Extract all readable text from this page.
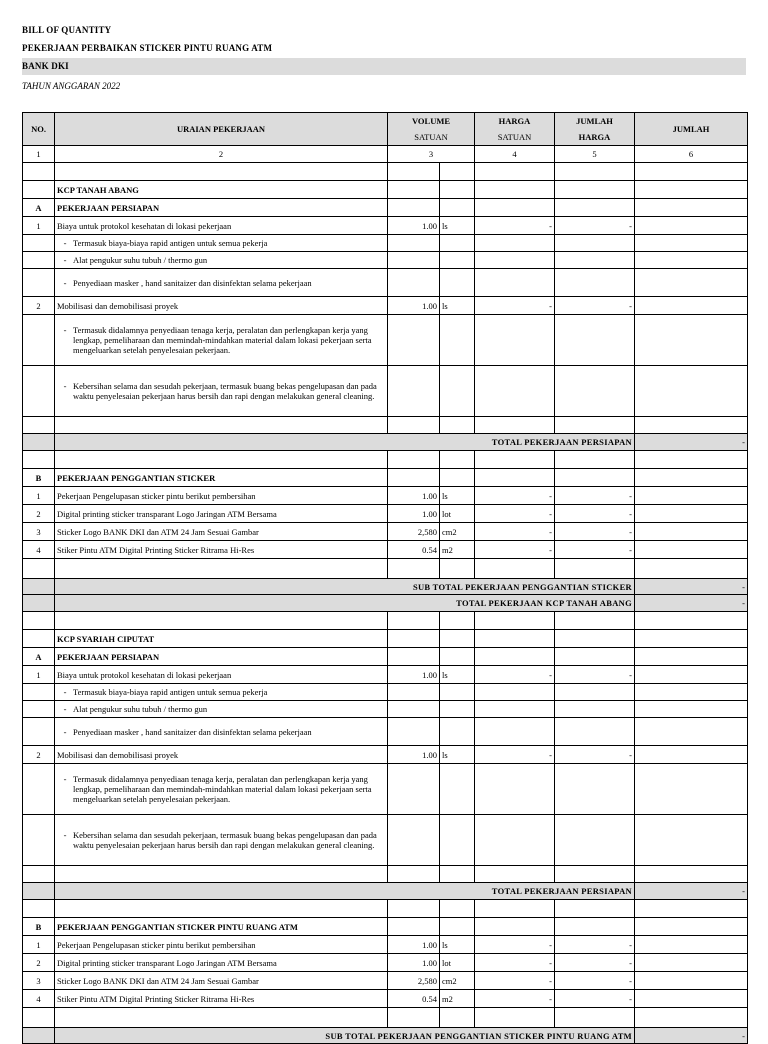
BILL OF QUANTITY
PEKERJAAN PERBAIKAN STICKER PINTU RUANG ATM
BANK DKI
TAHUN ANGGARAN 2022
NO.	URAIAN PEKERJAAN	VOLUME		HARGA	JUMLAH	JUMLAH
		SATUAN		SATUAN	HARGA	
1	2	3		4	5	6

	KCP TANAH ABANG					
A	PEKERJAAN PERSIAPAN					
1	Biaya untuk protokol kesehatan di lokasi pekerjaan	1.00	ls	-	-	

	- Termasuk biaya-biaya rapid antigen untuk semua pekerja					

	- Alat pengukur suhu tubuh / thermo gun					

	- Penyediaan masker , hand sanitaizer dan disinfektan selama pekerjaan					

2	Mobilisasi dan demobilisasi proyek	1.00	ls	-	-	

	- Termasuk didalamnya penyediaan tenaga kerja, peralatan dan perlengkapan kerja yang lengkap, pemeliharaan dan memindah-mindahkan material dalam lokasi pekerjaan serta mengeluarkan setelah penyelesaian pekerjaan.					

	- Kebersihan selama dan sesudah pekerjaan, termasuk buang bekas pengelupasan dan pada waktu penyelesaian pekerjaan harus bersih dan rapi dengan melakukan general cleaning.					

	TOTAL PEKERJAAN PERSIAPAN					-

B	PEKERJAAN PENGGANTIAN STICKER					
1	Pekerjaan Pengelupasan sticker pintu berikut pembersihan	1.00	ls	-	-	
2	Digital printing sticker transparant Logo Jaringan ATM Bersama	1.00	lot	-	-	
3	Sticker Logo BANK DKI dan ATM 24 Jam Sesuai Gambar	2,580	cm2	-	-	
4	Stiker Pintu ATM Digital Printing Sticker Ritrama Hi-Res	0.54	m2	-	-	

	SUB TOTAL PEKERJAAN PENGGANTIAN STICKER					-
	TOTAL PEKERJAAN KCP TANAH ABANG					-

	KCP SYARIAH CIPUTAT					
A	PEKERJAAN PERSIAPAN					
1	Biaya untuk protokol kesehatan di lokasi pekerjaan	1.00	ls	-	-	

	- Termasuk biaya-biaya rapid antigen untuk semua pekerja					

	- Alat pengukur suhu tubuh / thermo gun					

	- Penyediaan masker , hand sanitaizer dan disinfektan selama pekerjaan					

2	Mobilisasi dan demobilisasi proyek	1.00	ls	-	-	

	- Termasuk didalamnya penyediaan tenaga kerja, peralatan dan perlengkapan kerja yang lengkap, pemeliharaan dan memindah-mindahkan material dalam lokasi pekerjaan serta mengeluarkan setelah penyelesaian pekerjaan.					

	- Kebersihan selama dan sesudah pekerjaan, termasuk buang bekas pengelupasan dan pada waktu penyelesaian pekerjaan harus bersih dan rapi dengan melakukan general cleaning.					

	TOTAL PEKERJAAN PERSIAPAN					-

B	PEKERJAAN PENGGANTIAN STICKER PINTU RUANG ATM					
1	Pekerjaan Pengelupasan sticker pintu berikut pembersihan	1.00	ls	-	-	
2	Digital printing sticker transparant Logo Jaringan ATM Bersama	1.00	lot	-	-	
3	Sticker Logo BANK DKI dan ATM 24 Jam Sesuai Gambar	2,580	cm2	-	-	
4	Stiker Pintu ATM Digital Printing Sticker Ritrama Hi-Res	0.54	m2	-	-	

	SUB TOTAL PEKERJAAN PENGGANTIAN STICKER PINTU RUANG ATM					-
